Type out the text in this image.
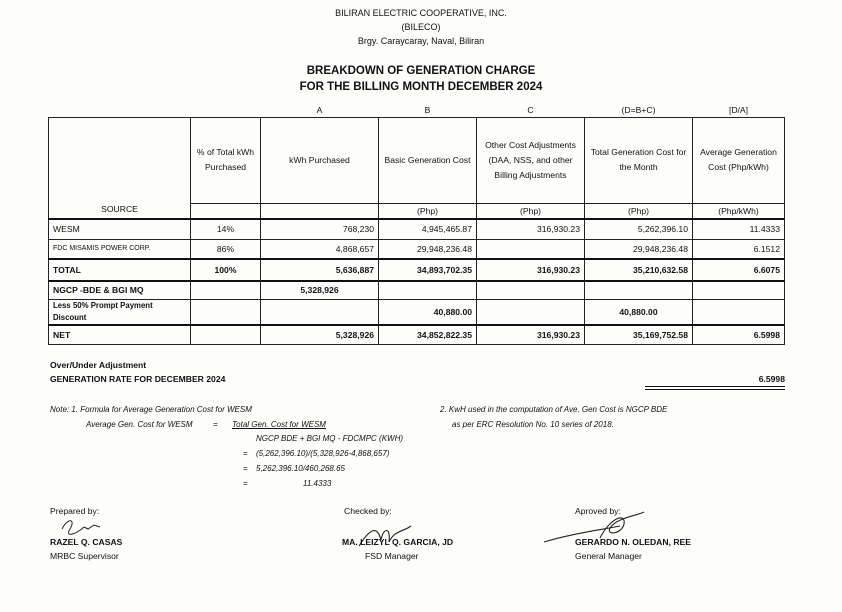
BILIRAN ELECTRIC COOPERATIVE, INC.
(BILECO)
Brgy. Caraycaray, Naval, Biliran
BREAKDOWN OF GENERATION CHARGE
FOR THE BILLING MONTH DECEMBER 2024
		A	B	C	(D=B+C)	[D/A]
SOURCE	% of Total kWh Purchased	kWh Purchased	Basic Generation Cost	Other Cost Adjustments (DAA, NSS, and other Billing Adjustments	Total Generation Cost for the Month	Average Generation Cost (Php/kWh)
			(Php)	(Php)	(Php)	(Php/kWh)
WESM	14%	768,230	4,945,465.87	316,930.23	5,262,396.10	11.4333
FDC MISAMIS POWER CORP.	86%	4,868,657	29,948,236.48		29,948,236.48	6.1512
TOTAL	100%	5,636,887	34,893,702.35	316,930.23	35,210,632.58	6.6075
NGCP -BDE & BGI MQ		5,328,926				
Less 50% Prompt Payment Discount			40,880.00		40,880.00	
NET		5,328,926	34,852,822.35	316,930.23	35,169,752.58	6.5998
Over/Under Adjustment
GENERATION RATE FOR DECEMBER 2024	6.5998
Note: 1. Formula for Average Generation Cost for WESM
Average Gen. Cost for WESM	= Total Gen. Cost for WESM
NGCP BDE + BGI MQ - FDCMPC (KWH)
= (5,262,396.10)/(5,328,926-4,868,657)
= 5,262,396.10/460,268.65
=	11.4333
2. KwH used in the computation of Ave. Gen Cost is NGCP BDE
as per ERC Resolution No. 10 series of 2018.
Prepared by:
RAZEL Q. CASAS
MRBC Supervisor
Checked by:
MA. LEIZYL Q. GARCIA, JD
FSD Manager
Aproved by:
GERARDO N. OLEDAN, REE
General Manager
